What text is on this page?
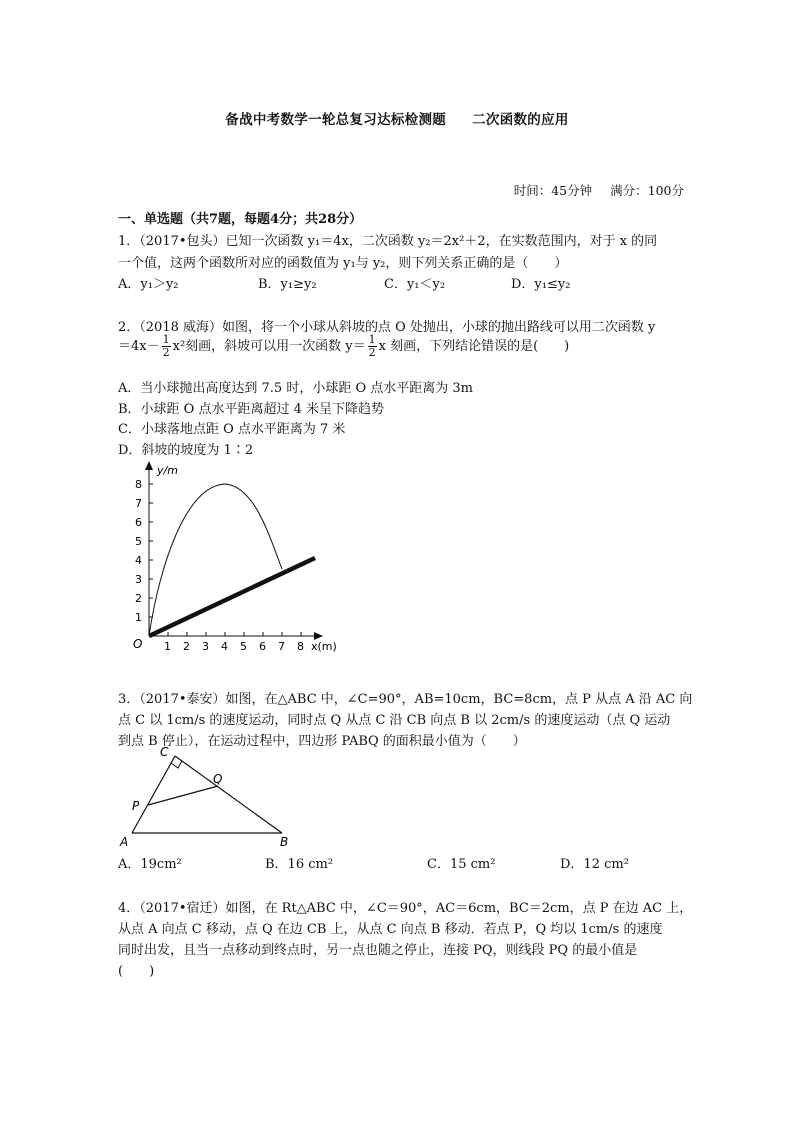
备战中考数学一轮总复习达标检测题 二次函数的应用
时间：45分钟 满分：100分
一、单选题（共7题，每题4分；共28分）
1．（2017•包头）已知一次函数 y₁＝4x，二次函数 y₂＝2x²＋2，在实数范围内，对于 x 的同
一个值，这两个函数所对应的函数值为 y₁与 y₂，则下列关系正确的是（　　）
A．y₁＞y₂	B．y₁≥y₂	C．y₁＜y₂	D．y₁≤y₂
2．（2018 威海）如图，将一个小球从斜坡的点 O 处抛出，小球的抛出路线可以用二次函数 y
$=4x- \frac{1}{2} x^2$刻画，斜坡可以用一次函数 $y= \frac{1}{2}$ x 刻画，下列结论错误的是(　　)
A．当小球抛出高度达到 7.5 时，小球距 O 点水平距离为 3m
B．小球距 O 点水平距离超过 4 米呈下降趋势
C．小球落地点距 O 点水平距离为 7 米
D．斜坡的坡度为 1∶2
1
2
3
4
5
6
7
8
1 2 3 4 5 6 7 8
y/m
x(m)
O
3．（2017•泰安）如图，在△ABC 中，∠C=90°，AB=10cm，BC=8cm，点 P 从点 A 沿 AC 向
点 C 以 1cm/s 的速度运动，同时点 Q 从点 C 沿 CB 向点 B 以 2cm/s 的速度运动（点 Q 运动
到点 B 停止），在运动过程中，四边形 PABQ 的面积最小值为（　　）
C
Q
P
A	B
A．19cm²	B．16 cm²	C．15 cm²	D．12 cm²
4．（2017•宿迁）如图，在 Rt△ABC 中，∠C＝90°，AC＝6cm，BC＝2cm，点 P 在边 AC 上，
从点 A 向点 C 移动，点 Q 在边 CB 上，从点 C 向点 B 移动．若点 P，Q 均以 1cm/s 的速度
同时出发，且当一点移动到终点时，另一点也随之停止，连接 PQ，则线段 PQ 的最小值是
(　　)
